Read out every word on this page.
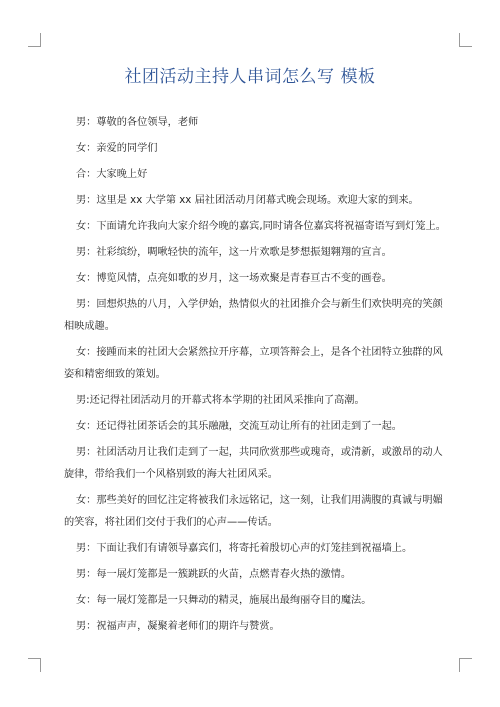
社团活动主持人串词怎么写 模板

男：尊敬的各位领导，老师

女：亲爱的同学们

合：大家晚上好

男：这里是 xx 大学第 xx 届社团活动月闭幕式晚会现场。欢迎大家的到来。

女：下面请允许我向大家介绍今晚的嘉宾,同时请各位嘉宾将祝福寄语写到灯笼上。

男：社彩缤纷，啁啾轻快的流年，这一片欢歌是梦想振翅翱翔的宣言。

女：博览风情，点亮如歌的岁月，这一场欢聚是青春亘古不变的画卷。

男：回想炽热的八月，入学伊始，热情似火的社团推介会与新生们欢快明亮的笑颜相映成趣。

女：接踵而来的社团大会紧然拉开序幕，立项答辩会上，是各个社团特立独群的风姿和精密细致的策划。

男:还记得社团活动月的开幕式将本学期的社团风采推向了高潮。

女：还记得社团茶话会的其乐融融，交流互动让所有的社团走到了一起。

男：社团活动月让我们走到了一起，共同欣赏那些或瑰奇，或清新，或激昂的动人旋律，带给我们一个风格别致的海大社团风采。

女：那些美好的回忆注定将被我们永远铭记，这一刻，让我们用满腹的真诚与明媚的笑容，将社团们交付于我们的心声——传话。

男：下面让我们有请领导嘉宾们，将寄托着殷切心声的灯笼挂到祝福墙上。

男：每一展灯笼都是一簇跳跃的火苗，点燃青春火热的激情。

女：每一展灯笼都是一只舞动的精灵，施展出最绚丽夺目的魔法。

男：祝福声声，凝聚着老师们的期许与赞赏。
